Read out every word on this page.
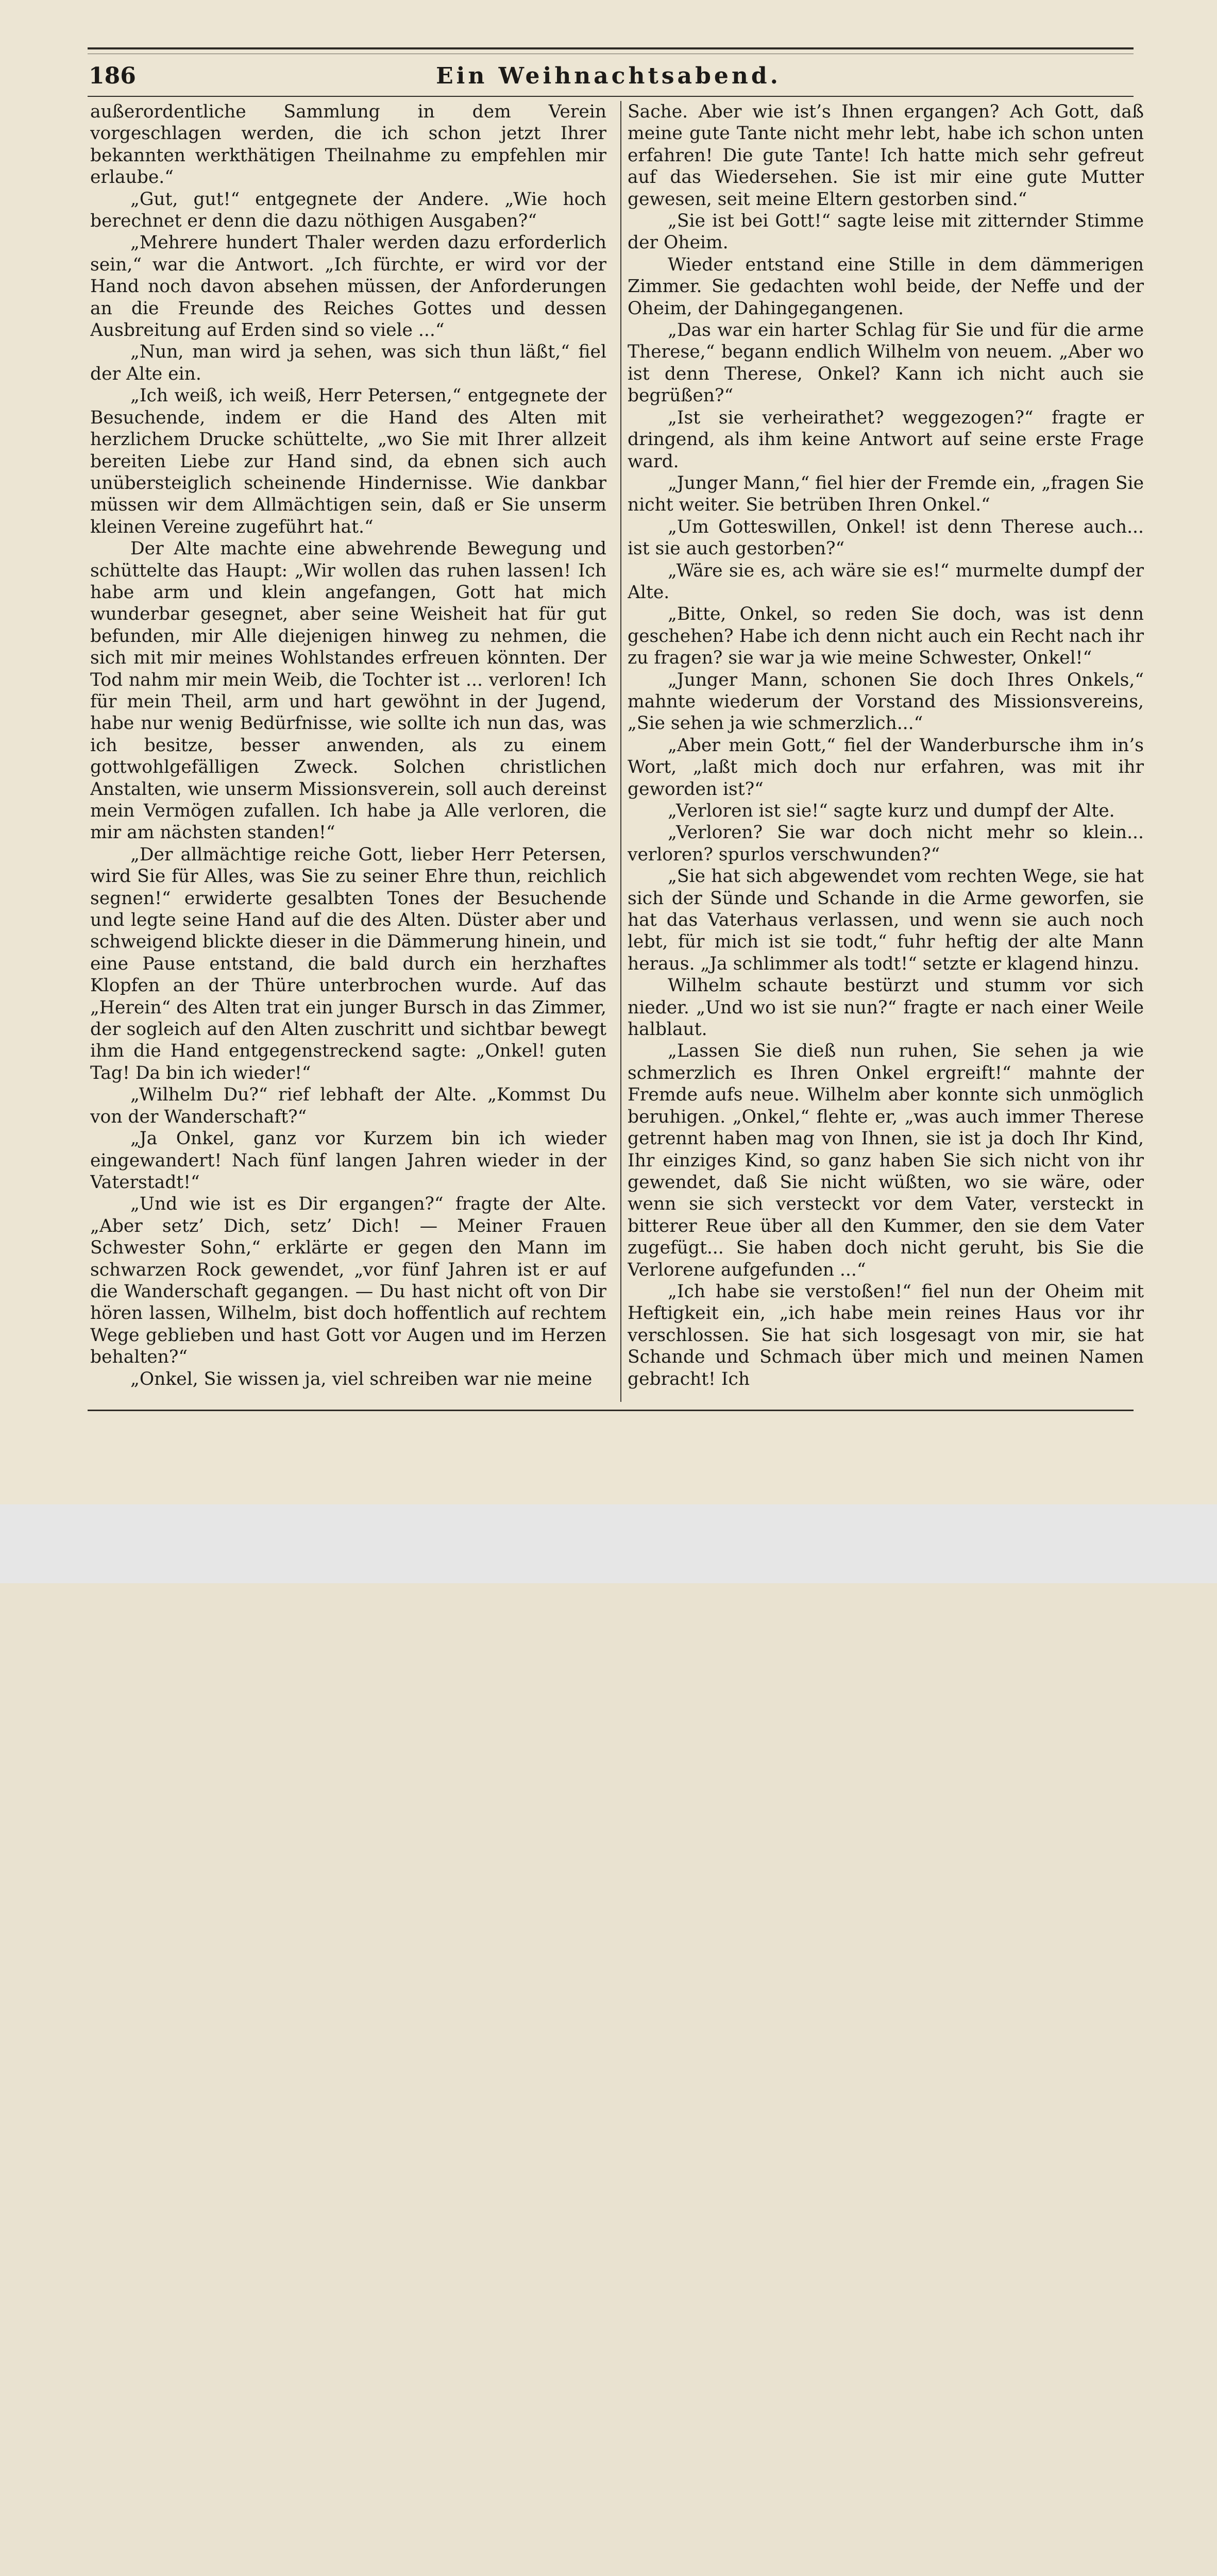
186	Ein Weihnachtsabend.

außerordentliche Sammlung in dem Verein vorgeschlagen werden, die ich schon jetzt Ihrer bekannten werkthätigen Theilnahme zu empfehlen mir erlaube.“

„Gut, gut!“ entgegnete der Andere. „Wie hoch berechnet er denn die dazu nöthigen Ausgaben?“

„Mehrere hundert Thaler werden dazu erforderlich sein,“ war die Antwort. „Ich fürchte, er wird vor der Hand noch davon absehen müssen, der Anforderungen an die Freunde des Reiches Gottes und dessen Ausbreitung auf Erden sind so viele ...“

„Nun, man wird ja sehen, was sich thun läßt,“ fiel der Alte ein.

„Ich weiß, ich weiß, Herr Petersen,“ entgegnete der Besuchende, indem er die Hand des Alten mit herzlichem Drucke schüttelte, „wo Sie mit Ihrer allzeit bereiten Liebe zur Hand sind, da ebnen sich auch unübersteiglich scheinende Hindernisse. Wie dankbar müssen wir dem Allmächtigen sein, daß er Sie unserm kleinen Vereine zugeführt hat.“

Der Alte machte eine abwehrende Bewegung und schüttelte das Haupt: „Wir wollen das ruhen lassen! Ich habe arm und klein angefangen, Gott hat mich wunderbar gesegnet, aber seine Weisheit hat für gut befunden, mir Alle diejenigen hinweg zu nehmen, die sich mit mir meines Wohlstandes erfreuen könnten. Der Tod nahm mir mein Weib, die Tochter ist ... verloren! Ich für mein Theil, arm und hart gewöhnt in der Jugend, habe nur wenig Bedürfnisse, wie sollte ich nun das, was ich besitze, besser anwenden, als zu einem gottwohlgefälligen Zweck. Solchen christlichen Anstalten, wie unserm Missionsverein, soll auch dereinst mein Vermögen zufallen. Ich habe ja Alle verloren, die mir am nächsten standen!“

„Der allmächtige reiche Gott, lieber Herr Petersen, wird Sie für Alles, was Sie zu seiner Ehre thun, reichlich segnen!“ erwiderte gesalbten Tones der Besuchende und legte seine Hand auf die des Alten. Düster aber und schweigend blickte dieser in die Dämmerung hinein, und eine Pause entstand, die bald durch ein herzhaftes Klopfen an der Thüre unterbrochen wurde. Auf das „Herein“ des Alten trat ein junger Bursch in das Zimmer, der sogleich auf den Alten zuschritt und sichtbar bewegt ihm die Hand entgegenstreckend sagte: „Onkel! guten Tag! Da bin ich wieder!“

„Wilhelm Du?“ rief lebhaft der Alte. „Kommst Du von der Wanderschaft?“

„Ja Onkel, ganz vor Kurzem bin ich wieder eingewandert! Nach fünf langen Jahren wieder in der Vaterstadt!“

„Und wie ist es Dir ergangen?“ fragte der Alte. „Aber setz’ Dich, setz’ Dich! — Meiner Frauen Schwester Sohn,“ erklärte er gegen den Mann im schwarzen Rock gewendet, „vor fünf Jahren ist er auf die Wanderschaft gegangen. — Du hast nicht oft von Dir hören lassen, Wilhelm, bist doch hoffentlich auf rechtem Wege geblieben und hast Gott vor Augen und im Herzen behalten?“

„Onkel, Sie wissen ja, viel schreiben war nie meine

Sache. Aber wie ist’s Ihnen ergangen? Ach Gott, daß meine gute Tante nicht mehr lebt, habe ich schon unten erfahren! Die gute Tante! Ich hatte mich sehr gefreut auf das Wiedersehen. Sie ist mir eine gute Mutter gewesen, seit meine Eltern gestorben sind.“

„Sie ist bei Gott!“ sagte leise mit zitternder Stimme der Oheim.

Wieder entstand eine Stille in dem dämmerigen Zimmer. Sie gedachten wohl beide, der Neffe und der Oheim, der Dahingegangenen.

„Das war ein harter Schlag für Sie und für die arme Therese,“ begann endlich Wilhelm von neuem. „Aber wo ist denn Therese, Onkel? Kann ich nicht auch sie begrüßen?“

„Ist sie verheirathet? weggezogen?“ fragte er dringend, als ihm keine Antwort auf seine erste Frage ward.

„Junger Mann,“ fiel hier der Fremde ein, „fragen Sie nicht weiter. Sie betrüben Ihren Onkel.“

„Um Gotteswillen, Onkel! ist denn Therese auch... ist sie auch gestorben?“

„Wäre sie es, ach wäre sie es!“ murmelte dumpf der Alte.

„Bitte, Onkel, so reden Sie doch, was ist denn geschehen? Habe ich denn nicht auch ein Recht nach ihr zu fragen? sie war ja wie meine Schwester, Onkel!“

„Junger Mann, schonen Sie doch Ihres Onkels,“ mahnte wiederum der Vorstand des Missionsvereins, „Sie sehen ja wie schmerzlich...“

„Aber mein Gott,“ fiel der Wanderbursche ihm in’s Wort, „laßt mich doch nur erfahren, was mit ihr geworden ist?“

„Verloren ist sie!“ sagte kurz und dumpf der Alte.

„Verloren? Sie war doch nicht mehr so klein... verloren? spurlos verschwunden?“

„Sie hat sich abgewendet vom rechten Wege, sie hat sich der Sünde und Schande in die Arme geworfen, sie hat das Vaterhaus verlassen, und wenn sie auch noch lebt, für mich ist sie todt,“ fuhr heftig der alte Mann heraus. „Ja schlimmer als todt!“ setzte er klagend hinzu.

Wilhelm schaute bestürzt und stumm vor sich nieder. „Und wo ist sie nun?“ fragte er nach einer Weile halblaut.

„Lassen Sie dieß nun ruhen, Sie sehen ja wie schmerzlich es Ihren Onkel ergreift!“ mahnte der Fremde aufs neue. Wilhelm aber konnte sich unmöglich beruhigen. „Onkel,“ flehte er, „was auch immer Therese getrennt haben mag von Ihnen, sie ist ja doch Ihr Kind, Ihr einziges Kind, so ganz haben Sie sich nicht von ihr gewendet, daß Sie nicht wüßten, wo sie wäre, oder wenn sie sich versteckt vor dem Vater, versteckt in bitterer Reue über all den Kummer, den sie dem Vater zugefügt... Sie haben doch nicht geruht, bis Sie die Verlorene aufgefunden ...“

„Ich habe sie verstoßen!“ fiel nun der Oheim mit Heftigkeit ein, „ich habe mein reines Haus vor ihr verschlossen. Sie hat sich losgesagt von mir, sie hat Schande und Schmach über mich und meinen Namen gebracht! Ich
